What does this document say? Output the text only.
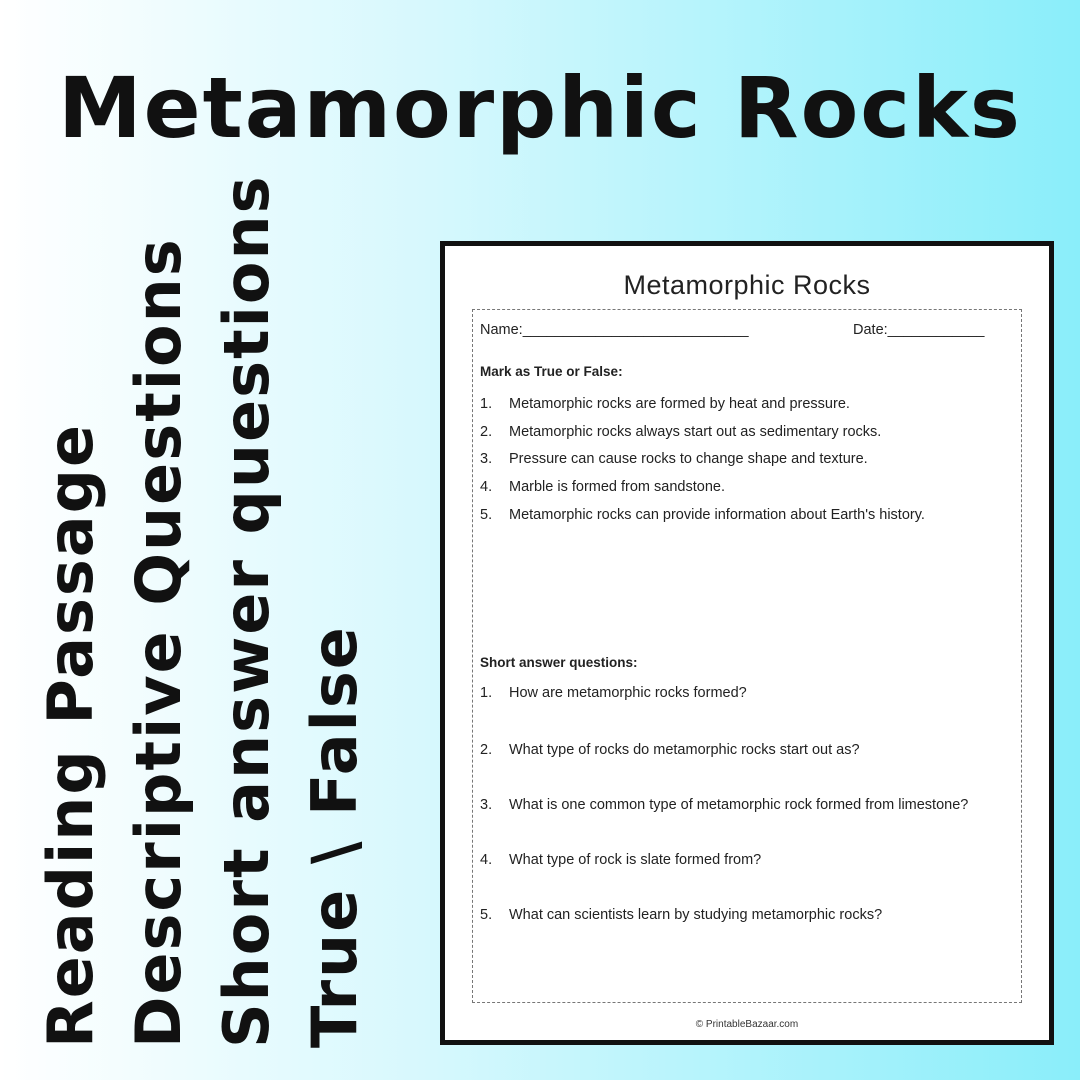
Metamorphic Rocks
Reading Passage Descriptive Questions Short answer questions True \ False
Metamorphic Rocks
Name:____________________________	Date:____________
Mark as True or False:
1. Metamorphic rocks are formed by heat and pressure.
2. Metamorphic rocks always start out as sedimentary rocks.
3. Pressure can cause rocks to change shape and texture.
4. Marble is formed from sandstone.
5. Metamorphic rocks can provide information about Earth's history.
Short answer questions:
1. How are metamorphic rocks formed?
2. What type of rocks do metamorphic rocks start out as?
3. What is one common type of metamorphic rock formed from limestone?
4. What type of rock is slate formed from?
5. What can scientists learn by studying metamorphic rocks?
© PrintableBazaar.com
